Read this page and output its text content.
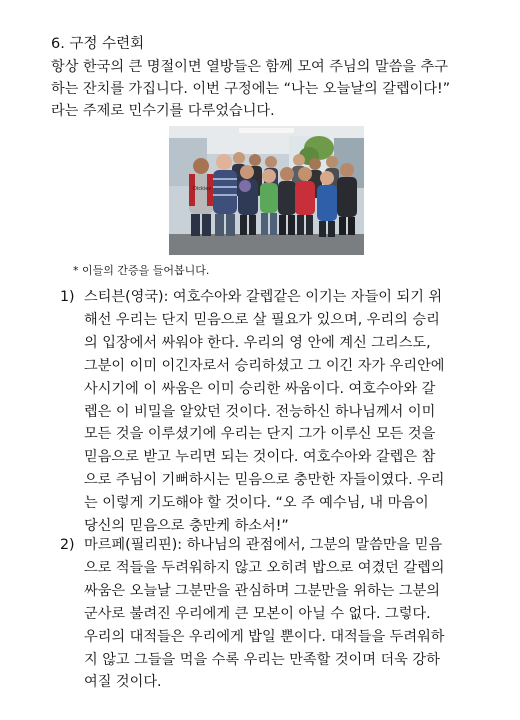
6. 구정 수련회
항상 한국의 큰 명절이면 열방들은 함께 모여 주님의 말씀을 추구
하는 잔치를 가집니다. 이번 구정에는 “나는 오늘날의 갈렙이다!”
라는 주제로 민수기를 다루었습니다.
Dickies
* 이들의 간증을 들어봅니다.
1) 스티븐(영국): 여호수아와 갈렙같은 이기는 자들이 되기 위
해선 우리는 단지 믿음으로 살 필요가 있으며, 우리의 승리
의 입장에서 싸워야 한다. 우리의 영 안에 계신 그리스도,
그분이 이미 이긴자로서 승리하셨고 그 이긴 자가 우리안에
사시기에 이 싸움은 이미 승리한 싸움이다. 여호수아와 갈
렙은 이 비밀을 알았던 것이다. 전능하신 하나님께서 이미
모든 것을 이루셨기에 우리는 단지 그가 이루신 모든 것을
믿음으로 받고 누리면 되는 것이다. 여호수아와 갈렙은 참
으로 주님이 기뻐하시는 믿음으로 충만한 자들이였다. 우리
는 이렇게 기도해야 할 것이다. “오 주 예수님, 내 마음이
당신의 믿음으로 충만케 하소서!”
2) 마르페(필리핀): 하나님의 관점에서, 그분의 말씀만을 믿음
으로 적들을 두려워하지 않고 오히려 밥으로 여겼던 갈렙의
싸움은 오늘날 그분만을 관심하며 그분만을 위하는 그분의
군사로 불려진 우리에게 큰 모본이 아닐 수 없다. 그렇다.
우리의 대적들은 우리에게 밥일 뿐이다. 대적들을 두려워하
지 않고 그들을 먹을 수록 우리는 만족할 것이며 더욱 강하
여질 것이다.
